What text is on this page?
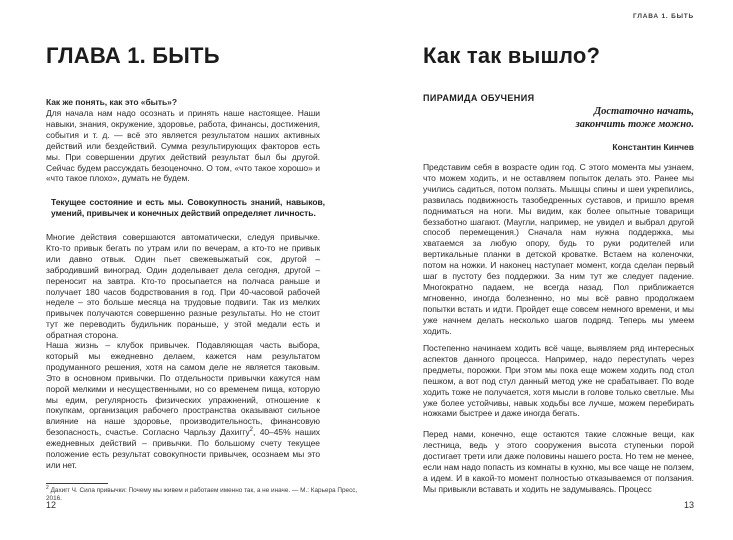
ГЛАВА 1. БЫТЬ
Как же понять, как это «быть»?
Для начала нам надо осознать и принять наше настоящее. Наши навыки, знания, окружение, здоровье, работа, финансы, достижения, события и т. д. — всё это является результатом наших активных действий или бездействий. Сумма результирующих факторов есть мы. При совершении других действий результат был бы другой. Сейчас будем рассуждать безоценочно. О том, «что такое хорошо» и «что такое плохо», думать не будем.
Текущее состояние и есть мы. Совокупность знаний, навыков, умений, привычек и конечных действий определяет личность.
Многие действия совершаются автоматически, следуя привычке. Кто-то привык бегать по утрам или по вечерам, а кто-то не привык или давно отвык. Один пьет свежевыжатый сок, другой – забродивший виноград. Один доделывает дела сегодня, другой – переносит на завтра. Кто-то просыпается на полчаса раньше и получает 180 часов бодрствования в год. При 40-часовой рабочей неделе – это больше месяца на трудовые подвиги. Так из мелких привычек получаются совершенно разные результаты. Но не стоит тут же переводить будильник пораньше, у этой медали есть и обратная сторона.
Наша жизнь – клубок привычек. Подавляющая часть выбора, который мы ежедневно делаем, кажется нам результатом продуманного решения, хотя на самом деле не является таковым. Это в основном привычки. По отдельности привычки кажутся нам порой мелкими и несущественными, но со временем пища, которую мы едим, регулярность физических упражнений, отношение к покупкам, организация рабочего пространства оказывают сильное влияние на наше здоровье, производительность, финансовую безопасность, счастье. Согласно Чарльзу Дахиггу$^2$, 40–45% наших ежедневных действий – привычки. По большому счету текущее положение есть результат совокупности привычек, осознаем мы это или нет.
$^2$ Дахигг Ч. Сила привычки: Почему мы живем и работаем именно так, а не иначе. — М.: Карьера Пресс, 2016.
12
ГЛАВА 1. БЫТЬ
Как так вышло?
ПИРАМИДА ОБУЧЕНИЯ
Достаточно начать,
закончить тоже можно.
Константин Кинчев
Представим себя в возрасте один год. С этого момента мы узнаем, что можем ходить, и не оставляем попыток делать это. Ранее мы учились садиться, потом ползать. Мышцы спины и шеи укрепились, развилась подвижность тазобедренных суставов, и пришло время подниматься на ноги. Мы видим, как более опытные товарищи беззаботно шагают. (Маугли, например, не увидел и выбрал другой способ перемещения.) Сначала нам нужна поддержка, мы хватаемся за любую опору, будь то руки родителей или вертикальные планки в детской кроватке. Встаем на коленочки, потом на ножки. И наконец наступает момент, когда сделан первый шаг в пустоту без поддержки. За ним тут же следует падение. Многократно падаем, не всегда назад. Пол приближается мгновенно, иногда болезненно, но мы всё равно продолжаем попытки встать и идти. Пройдет еще совсем немного времени, и мы уже начнем делать несколько шагов подряд. Теперь мы умеем ходить.
Постепенно начинаем ходить всё чаще, выявляем ряд интересных аспектов данного процесса. Например, надо переступать через предметы, порожки. При этом мы пока еще можем ходить под стол пешком, а вот под стул данный метод уже не срабатывает. По воде ходить тоже не получается, хотя мысли в голове только светлые. Мы уже более устойчивы, навык ходьбы все лучше, можем перебирать ножками быстрее и даже иногда бегать.
Перед нами, конечно, еще остаются такие сложные вещи, как лестница, ведь у этого сооружения высота ступеньки порой достигает трети или даже половины нашего роста. Но тем не менее, если нам надо попасть из комнаты в кухню, мы все чаще не ползем, а идем. И в какой-то момент полностью отказываемся от ползания. Мы привыкли вставать и ходить не задумываясь. Процесс
13
